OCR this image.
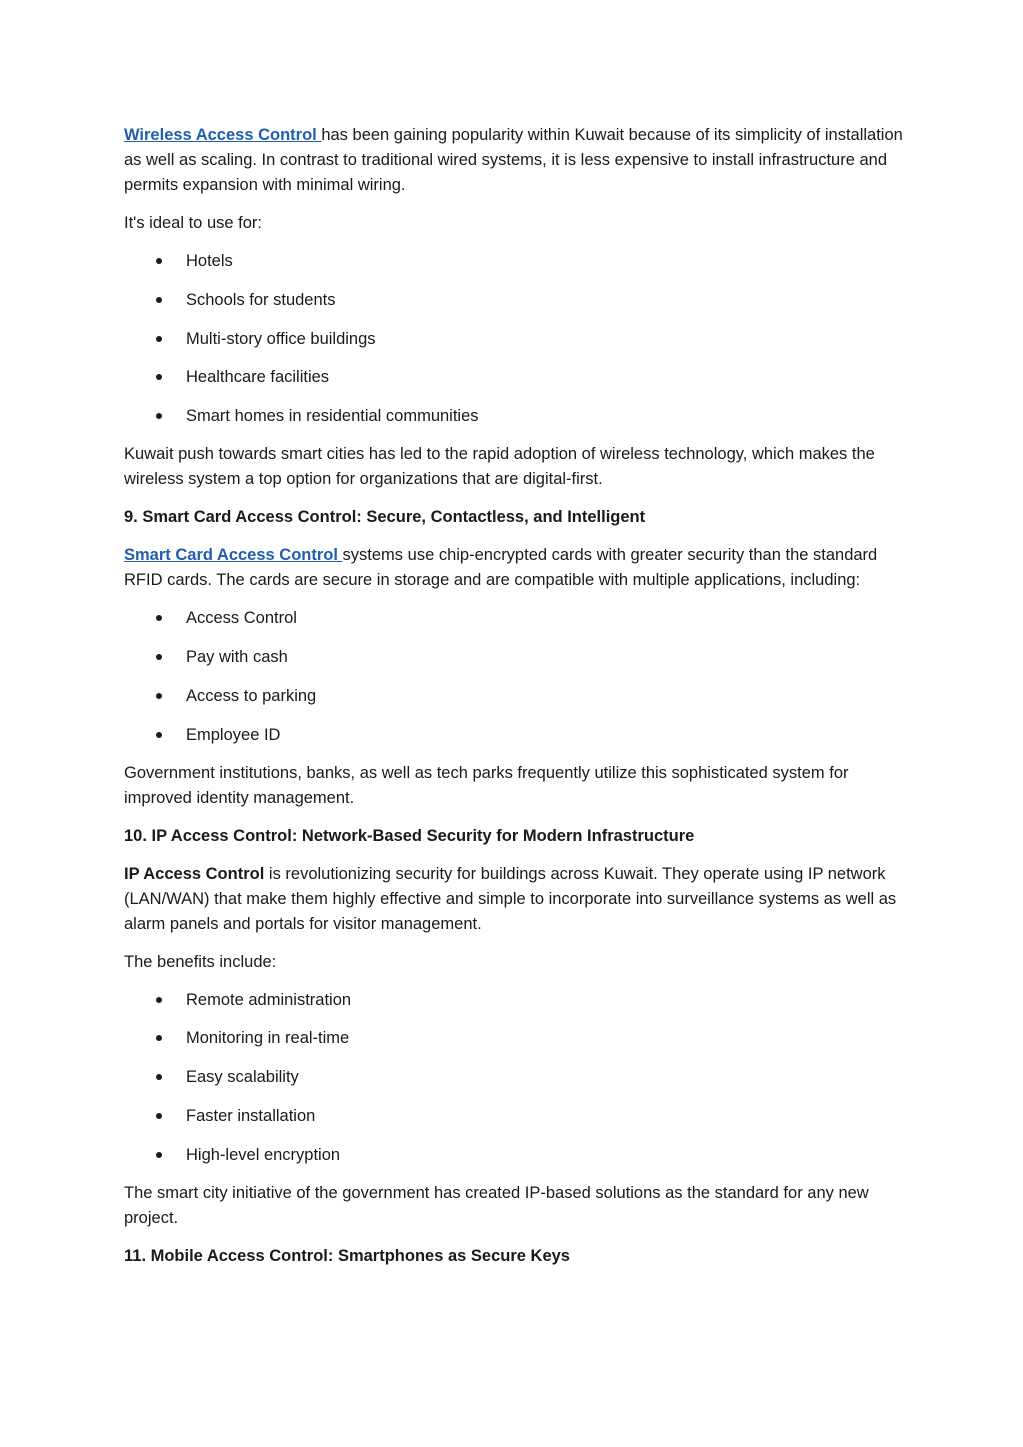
Wireless Access Control has been gaining popularity within Kuwait because of its simplicity of installation as well as scaling. In contrast to traditional wired systems, it is less expensive to install infrastructure and permits expansion with minimal wiring.

It's ideal to use for:

Hotels
Schools for students
Multi-story office buildings
Healthcare facilities
Smart homes in residential communities

Kuwait push towards smart cities has led to the rapid adoption of wireless technology, which makes the wireless system a top option for organizations that are digital-first.

9. Smart Card Access Control: Secure, Contactless, and Intelligent

Smart Card Access Control systems use chip-encrypted cards with greater security than the standard RFID cards. The cards are secure in storage and are compatible with multiple applications, including:

Access Control
Pay with cash
Access to parking
Employee ID

Government institutions, banks, as well as tech parks frequently utilize this sophisticated system for improved identity management.

10. IP Access Control: Network-Based Security for Modern Infrastructure

IP Access Control is revolutionizing security for buildings across Kuwait. They operate using IP network (LAN/WAN) that make them highly effective and simple to incorporate into surveillance systems as well as alarm panels and portals for visitor management.

The benefits include:

Remote administration
Monitoring in real-time
Easy scalability
Faster installation
High-level encryption

The smart city initiative of the government has created IP-based solutions as the standard for any new project.

11. Mobile Access Control: Smartphones as Secure Keys
